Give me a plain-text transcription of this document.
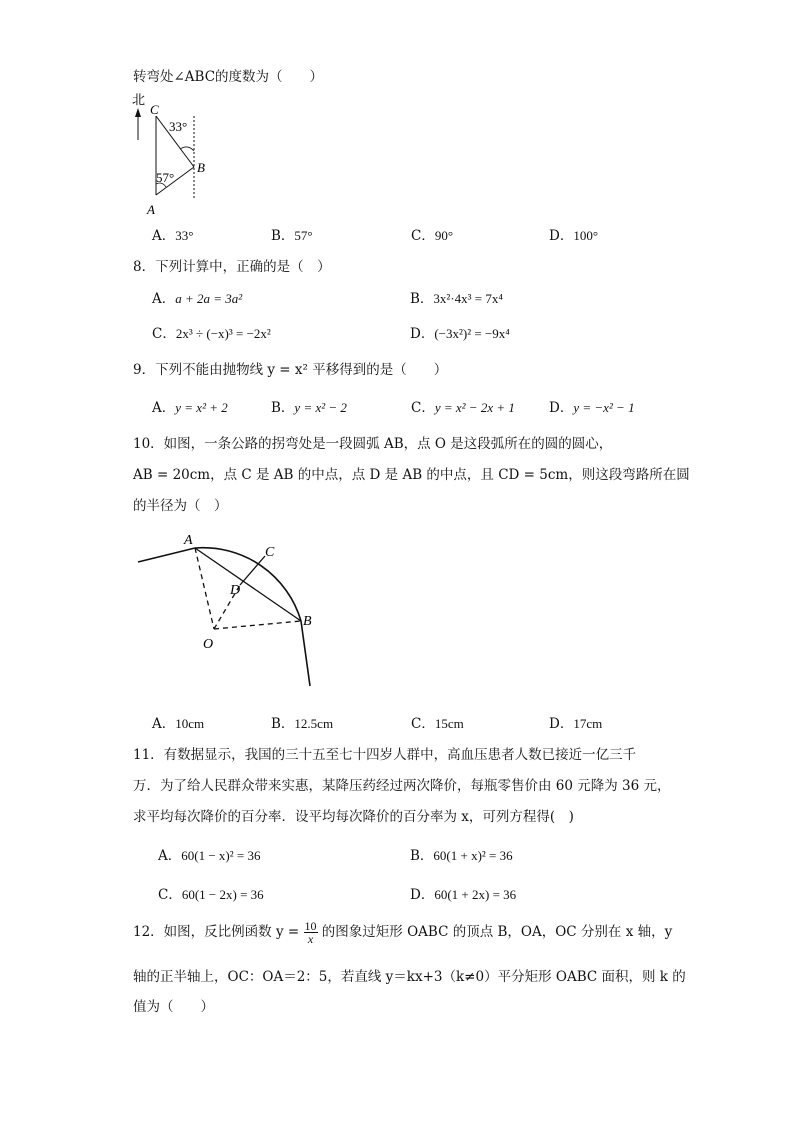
转弯处∠ABC的度数为（　　）
北
C
B
A
33°
57°
A．33°	B．57°	C．90°	D．100°
8．下列计算中，正确的是（　）
A．a + 2a = 3a²	B．3x²·4x³ = 7x⁴
C．2x³ ÷ (−x)³ = −2x²	D．(−3x²)² = −9x⁴
9．下列不能由抛物线 y = x² 平移得到的是（　　）
A．y = x² + 2	B．y = x² − 2	C．y = x² − 2x + 1	D．y = −x² − 1
10．如图，一条公路的拐弯处是一段圆弧 AB，点 O 是这段弧所在的圆的圆心，
AB = 20cm，点 C 是 AB 的中点，点 D 是 AB 的中点，且 CD = 5cm，则这段弯路所在圆
的半径为（　）
A
C
D
B
O
A．10cm	B．12.5cm	C．15cm	D．17cm
11．有数据显示，我国的三十五至七十四岁人群中，高血压患者人数已接近一亿三千
万．为了给人民群众带来实惠，某降压药经过两次降价，每瓶零售价由 60 元降为 36 元，
求平均每次降价的百分率．设平均每次降价的百分率为 x，可列方程得(　)
A．60(1 − x)² = 36	B．60(1 + x)² = 36
C．60(1 − 2x) = 36	D．60(1 + 2x) = 36
12．如图，反比例函数 $y = \frac{10}{x}$ 的图象过矩形 OABC 的顶点 B，OA，OC 分别在 x 轴，y
轴的正半轴上，OC：OA＝2：5，若直线 y＝kx+3（k≠0）平分矩形 OABC 面积，则 k 的
值为（　　）
